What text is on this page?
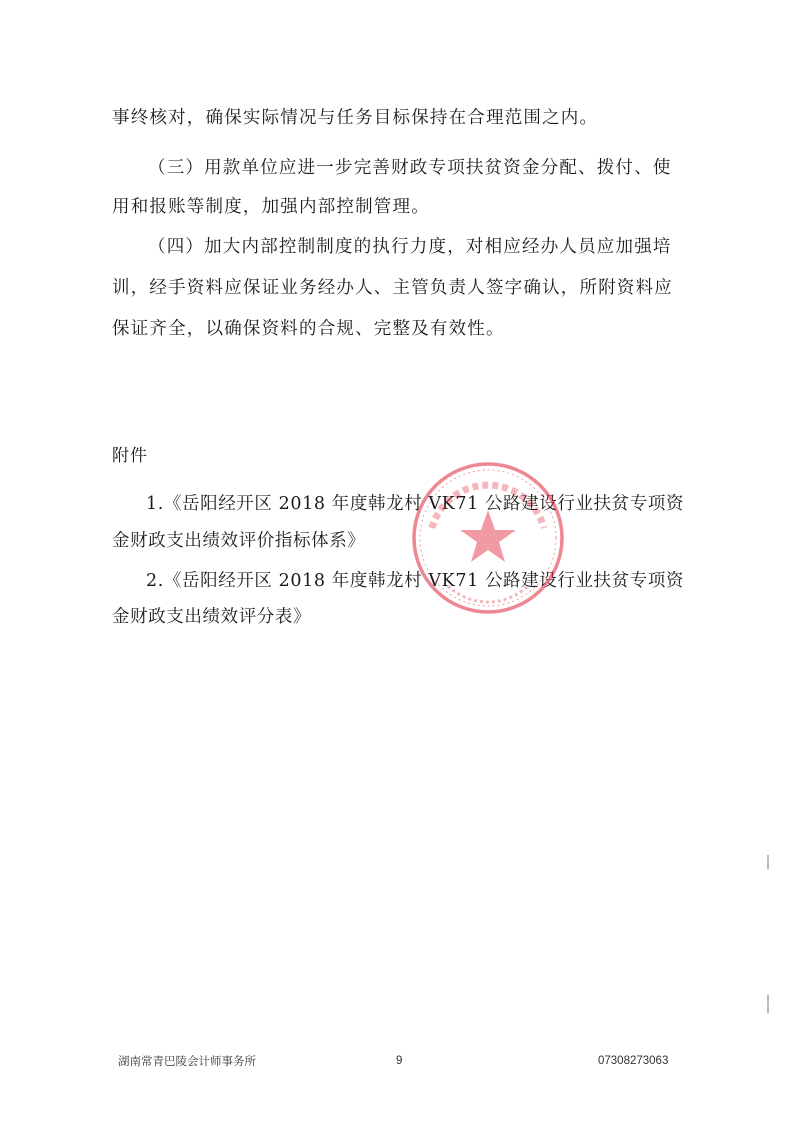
事终核对，确保实际情况与任务目标保持在合理范围之内。
（三）用款单位应进一步完善财政专项扶贫资金分配、拨付、使
用和报账等制度，加强内部控制管理。
（四）加大内部控制制度的执行力度，对相应经办人员应加强培
训，经手资料应保证业务经办人、主管负责人签字确认，所附资料应
保证齐全，以确保资料的合规、完整及有效性。
附件
1.《岳阳经开区 2018 年度韩龙村 VK71 公路建设行业扶贫专项资
金财政支出绩效评价指标体系》
2.《岳阳经开区 2018 年度韩龙村 VK71 公路建设行业扶贫专项资
金财政支出绩效评分表》
湖南常青巴陵会计师事务所	9	07308273063
